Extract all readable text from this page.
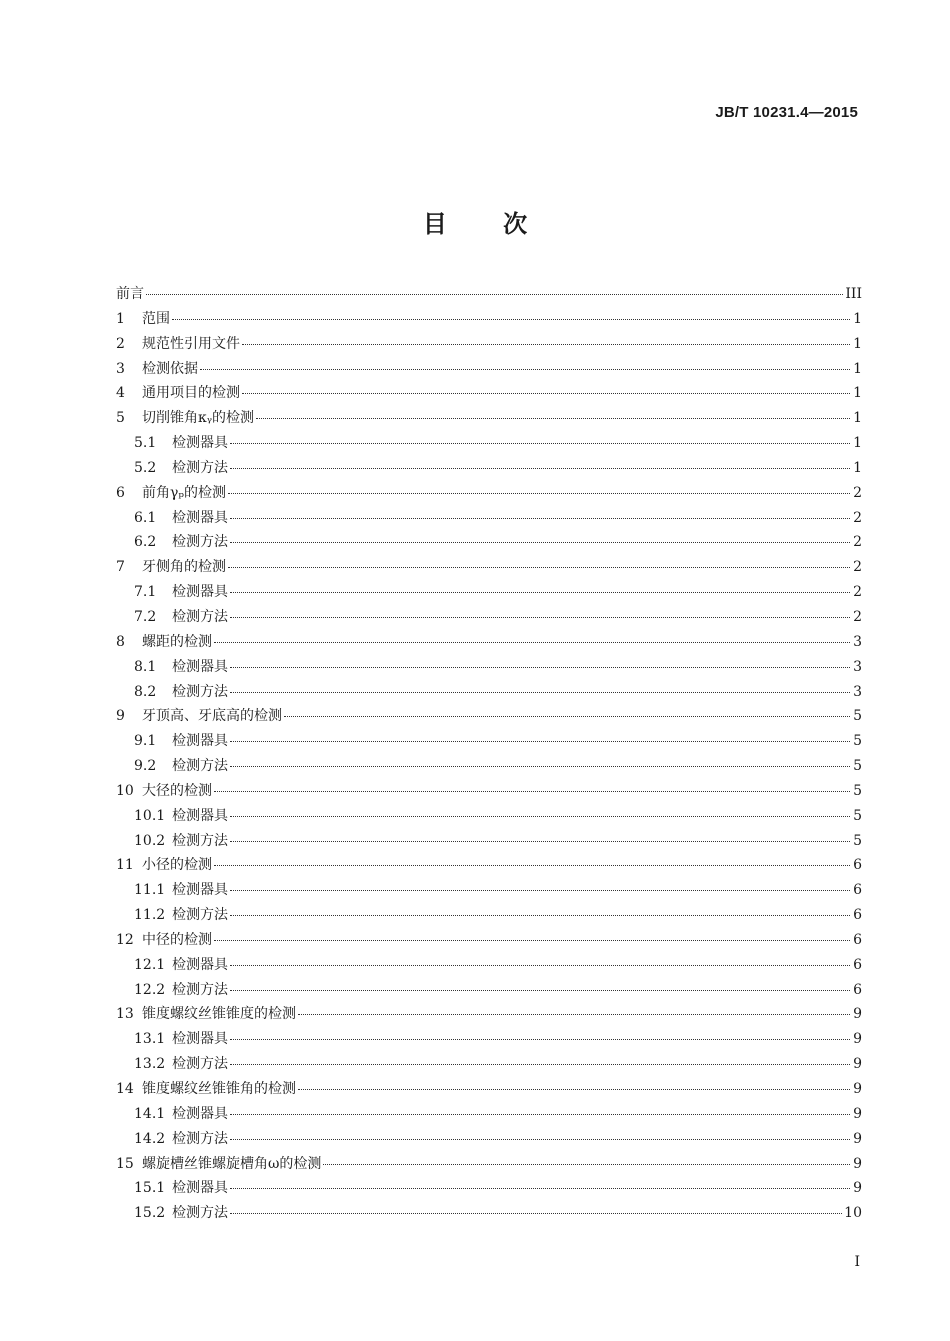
JB/T 10231.4—2015
目 次
前言	III
1	范围	1
2	规范性引用文件	1
3	检测依据	1
4	通用项目的检测	1
5	切削锥角κᵧ的检测	1
5.1	检测器具	1
5.2	检测方法	1
6	前角γₚ的检测	2
6.1	检测器具	2
6.2	检测方法	2
7	牙侧角的检测	2
7.1	检测器具	2
7.2	检测方法	2
8	螺距的检测	3
8.1	检测器具	3
8.2	检测方法	3
9	牙顶高、牙底高的检测	5
9.1	检测器具	5
9.2	检测方法	5
10 大径的检测	5
10.1 检测器具	5
10.2 检测方法	5
11 小径的检测	6
11.1 检测器具	6
11.2 检测方法	6
12 中径的检测	6
12.1 检测器具	6
12.2 检测方法	6
13 锥度螺纹丝锥锥度的检测	9
13.1 检测器具	9
13.2 检测方法	9
14 锥度螺纹丝锥锥角的检测	9
14.1 检测器具	9
14.2 检测方法	9
15 螺旋槽丝锥螺旋槽角ω的检测	9
15.1 检测器具	9
15.2 检测方法	10
I
